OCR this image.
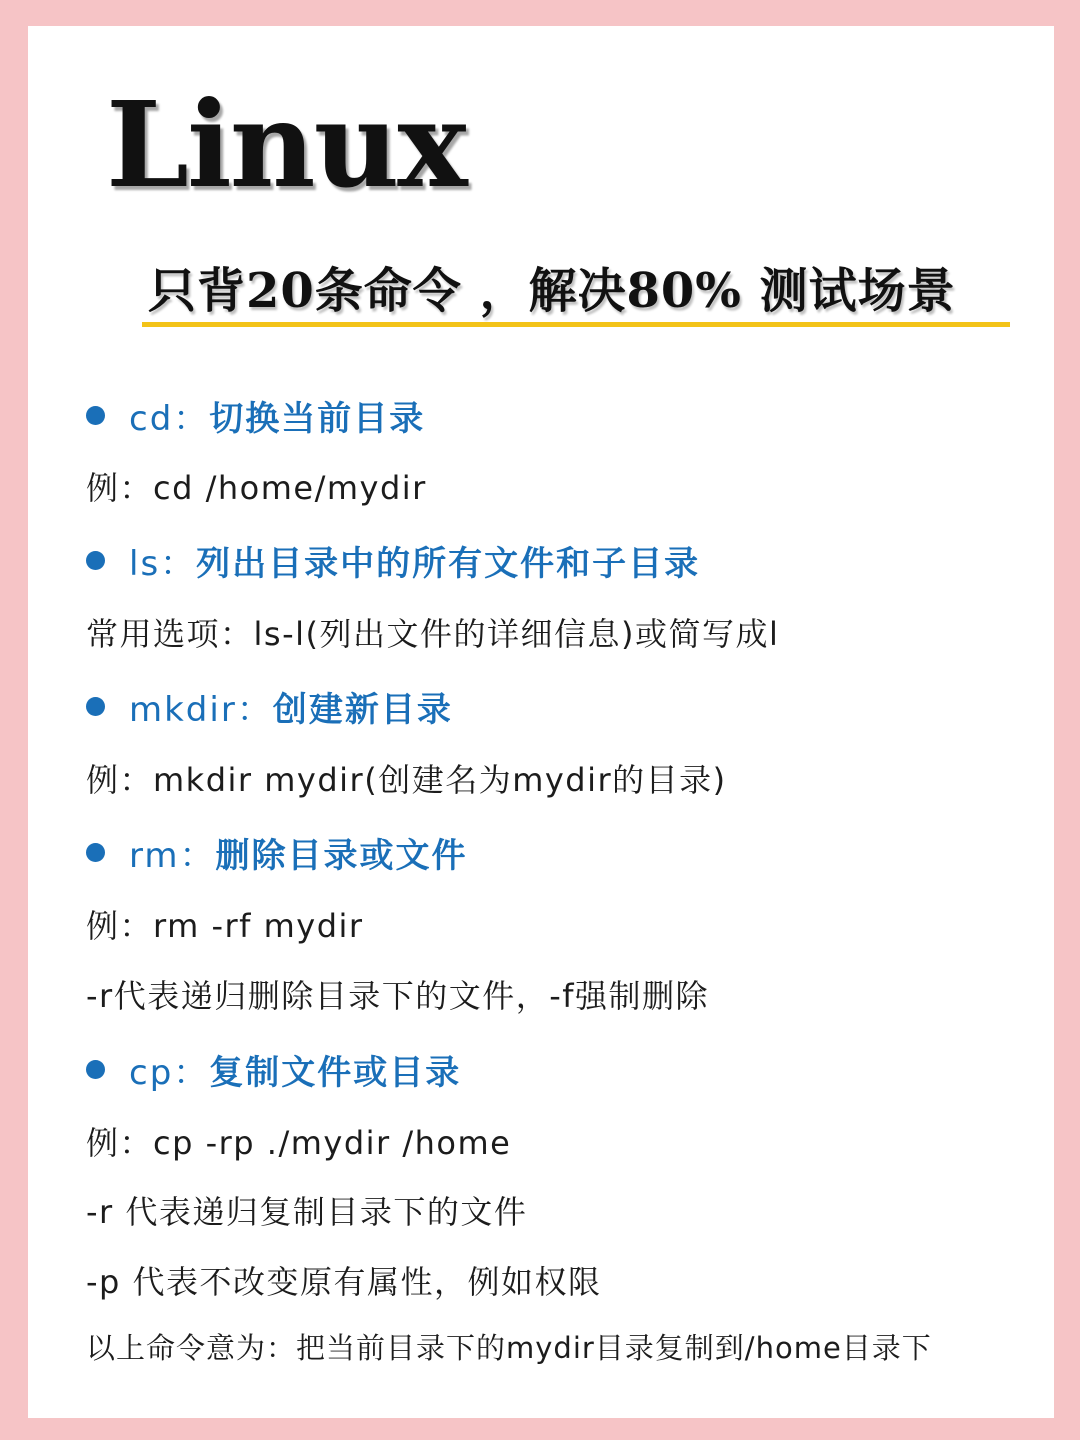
Linux
只背20条命令 ，解决80% 测试场景
cd： 切换当前目录
例：cd /home/mydir
ls： 列出目录中的所有文件和子目录
常用选项：ls-l(列出文件的详细信息)或简写成l
mkdir： 创建新目录
例：mkdir mydir(创建名为mydir的目录)
rm： 删除目录或文件
例：rm -rf mydir
-r代表递归删除目录下的文件，-f强制删除
cp： 复制文件或目录
例：cp -rp ./mydir /home
-r 代表递归复制目录下的文件
-p 代表不改变原有属性，例如权限
以上命令意为：把当前目录下的mydir目录复制到/home目录下
